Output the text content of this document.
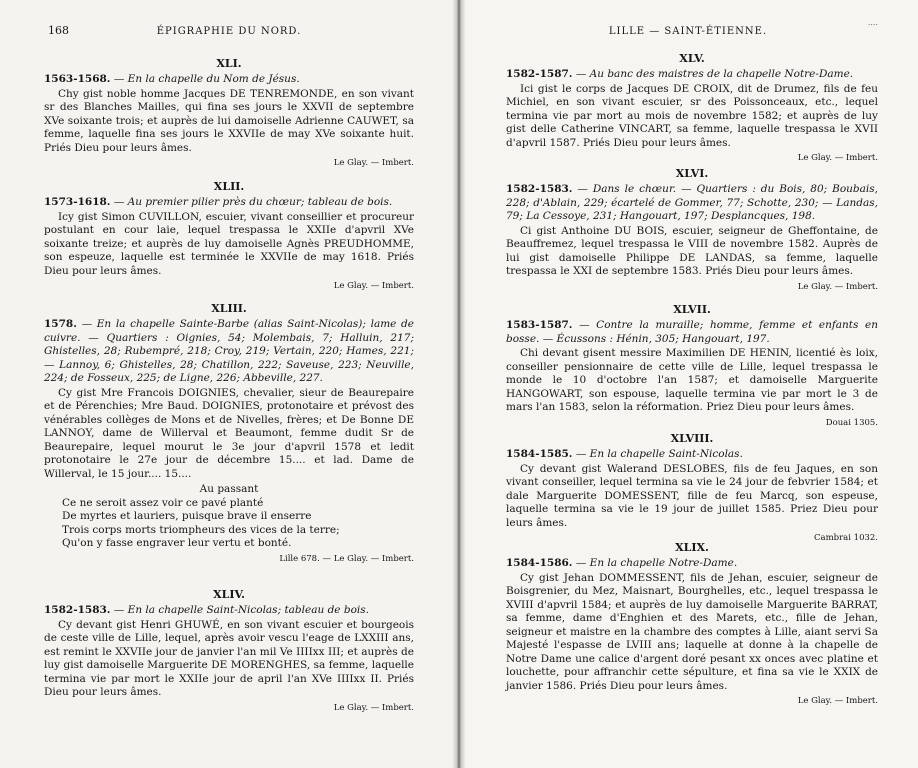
168	ÉPIGRAPHIE DU NORD.
XLI.
1563-1568. — En la chapelle du Nom de Jésus.
Chy gist noble homme Jacques DE TENREMONDE, en son vivant sr des Blanches Mailles, qui fina ses jours le XXVII de septembre XVe soixante trois; et auprès de lui damoiselle Adrienne CAUWET, sa femme, laquelle fina ses jours le XXVIIe de may XVe soixante huit. Priés Dieu pour leurs âmes.
Le Glay. — Imbert.
XLII.
1573-1618. — Au premier pilier près du chœur; tableau de bois.
Icy gist Simon CUVILLON, escuier, vivant conseillier et procureur postulant en cour laie, lequel trespassa le XXIIe d'apvril XVe soixante treize; et auprès de luy damoiselle Agnès PREUDHOMME, son espeuze, laquelle est terminée le XXVIIe de may 1618. Priés Dieu pour leurs âmes.
Le Glay. — Imbert.
XLIII.
1578. — En la chapelle Sainte-Barbe (alias Saint-Nicolas); lame de cuivre. — Quartiers : Oignies, 54; Molembais, 7; Halluin, 217; Ghistelles, 28; Rubempré, 218; Croy, 219; Vertain, 220; Hames, 221; — Lannoy, 6; Ghistelles, 28; Chatillon, 222; Saveuse, 223; Neuville, 224; de Fosseux, 225; de Ligne, 226; Abbeville, 227.
Cy gist Mre Francois DOIGNIES, chevalier, sieur de Beaurepaire et de Pérenchies; Mre Baud. DOIGNIES, protonotaire et prévost des vénérables collèges de Mons et de Nivelles, frères; et De Bonne DE LANNOY, dame de Willerval et Beaumont, femme dudit Sr de Beaurepaire, lequel mourut le 3e jour d'apvril 1578 et ledit protonotaire le 27e jour de décembre 15.... et lad. Dame de Willerval, le 15 jour.... 15....
Au passant
Ce ne seroit assez voir ce pavé planté
De myrtes et lauriers, puisque brave il enserre
Trois corps morts triompheurs des vices de la terre;
Qu'on y fasse engraver leur vertu et bonté.
Lille 678. — Le Glay. — Imbert.
XLIV.
1582-1583. — En la chapelle Saint-Nicolas; tableau de bois.
Cy devant gist Henri GHUWÉ, en son vivant escuier et bourgeois de ceste ville de Lille, lequel, après avoir vescu l'eage de LXXIII ans, est remint le XXVIIe jour de janvier l'an mil Ve IIIIxx III; et auprès de luy gist damoiselle Marguerite DE MORENGHES, sa femme, laquelle termina vie par mort le XXIIe jour de april l'an XVe IIIIxx II. Priés Dieu pour leurs âmes.
Le Glay. — Imbert.
LILLE — SAINT-ÉTIENNE.
....
XLV.
1582-1587. — Au banc des maistres de la chapelle Notre-Dame.
Ici gist le corps de Jacques DE CROIX, dit de Drumez, fils de feu Michiel, en son vivant escuier, sr des Poissonceaux, etc., lequel termina vie par mort au mois de novembre 1582; et auprès de luy gist delle Catherine VINCART, sa femme, laquelle trespassa le XVII d'apvril 1587. Priés Dieu pour leurs âmes.
Le Glay. — Imbert.
XLVI.
1582-1583. — Dans le chœur. — Quartiers : du Bois, 80; Boubais, 228; d'Ablain, 229; écartelé de Gommer, 77; Schotte, 230; — Landas, 79; La Cessoye, 231; Hangouart, 197; Desplancques, 198.
Ci gist Anthoine DU BOIS, escuier, seigneur de Gheffontaine, de Beauffremez, lequel trespassa le VIII de novembre 1582. Auprès de lui gist damoiselle Philippe DE LANDAS, sa femme, laquelle trespassa le XXI de septembre 1583. Priés Dieu pour leurs âmes.
Le Glay. — Imbert.
XLVII.
1583-1587. — Contre la muraille; homme, femme et enfants en bosse. — Écussons : Hénin, 305; Hangouart, 197.
Chi devant gisent messire Maximilien DE HENIN, licentié ès loix, conseiller pensionnaire de cette ville de Lille, lequel trespassa le monde le 10 d'octobre l'an 1587; et damoiselle Marguerite HANGOWART, son espouse, laquelle termina vie par mort le 3 de mars l'an 1583, selon la réformation. Priez Dieu pour leurs âmes.
Douai 1305.
XLVIII.
1584-1585. — En la chapelle Saint-Nicolas.
Cy devant gist Walerand DESLOBES, fils de feu Jaques, en son vivant conseiller, lequel termina sa vie le 24 jour de febvrier 1584; et dale Marguerite DOMESSENT, fille de feu Marcq, son espeuse, laquelle termina sa vie le 19 jour de juillet 1585. Priez Dieu pour leurs âmes.
Cambrai 1032.
XLIX.
1584-1586. — En la chapelle Notre-Dame.
Cy gist Jehan DOMMESSENT, fils de Jehan, escuier, seigneur de Boisgrenier, du Mez, Maisnart, Bourghelles, etc., lequel trespassa le XVIII d'apvril 1584; et auprès de luy damoiselle Marguerite BARRAT, sa femme, dame d'Enghien et des Marets, etc., fille de Jehan, seigneur et maistre en la chambre des comptes à Lille, aiant servi Sa Majesté l'espasse de LVIII ans; laquelle at donne à la chapelle de Notre Dame une calice d'argent doré pesant xx onces avec platine et louchette, pour affranchir cette sépulture, et fina sa vie le XXIX de janvier 1586. Priés Dieu pour leurs âmes.
Le Glay. — Imbert.
